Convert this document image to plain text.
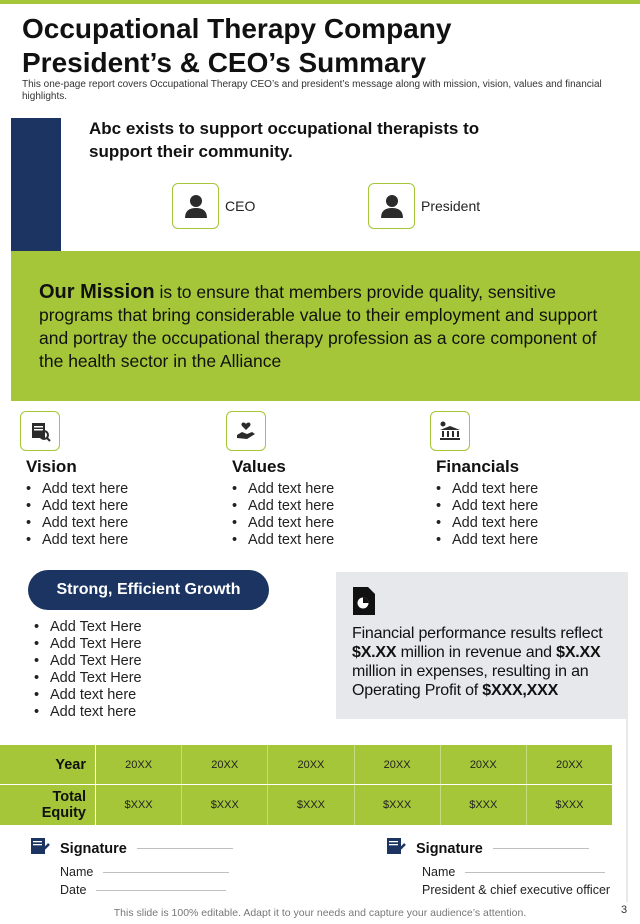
Occupational Therapy Company
President’s & CEO’s Summary

This one-page report covers Occupational Therapy CEO’s and president’s message along with mission, vision, values and financial highlights.

Abc exists to support occupational therapists to
support their community.

CEO	President

Our Mission is to ensure that members provide quality, sensitive programs that bring considerable value to their employment and support and portray the occupational therapy profession as a core component of the health sector in the Alliance

Vision
• Add text here
• Add text here
• Add text here
• Add text here
Values
• Add text here
• Add text here
• Add text here
• Add text here
Financials
• Add text here
• Add text here
• Add text here
• Add text here
Strong, Efficient Growth
• Add Text Here
• Add Text Here
• Add Text Here
• Add Text Here
• Add text here
• Add text here

Financial performance results reflect $X.XX million in revenue and $X.XX million in expenses, resulting in an Operating Profit of $XXX,XXX

Year	20XX	20XX	20XX	20XX	20XX	20XX
Total
Equity	$XXX	$XXX	$XXX	$XXX	$XXX	$XXX
Signature
Name
Date
Signature
Name
President & chief executive officer

This slide is 100% editable. Adapt it to your needs and capture your audience’s attention.	3
